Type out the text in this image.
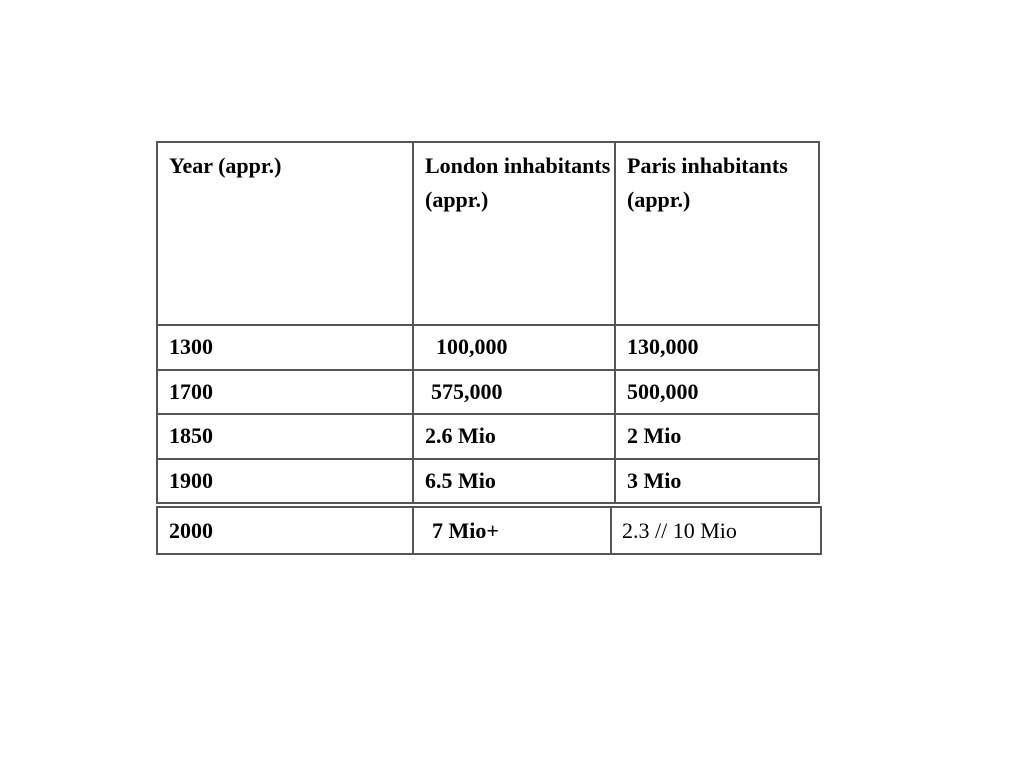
Year (appr.)	London inhabitants (appr.)	Paris inhabitants (appr.)
1300	100,000	130,000
1700	575,000	500,000
1850	2.6 Mio	2 Mio
1900	6.5 Mio	3 Mio
2000	7 Mio+	2.3 // 10 Mio
